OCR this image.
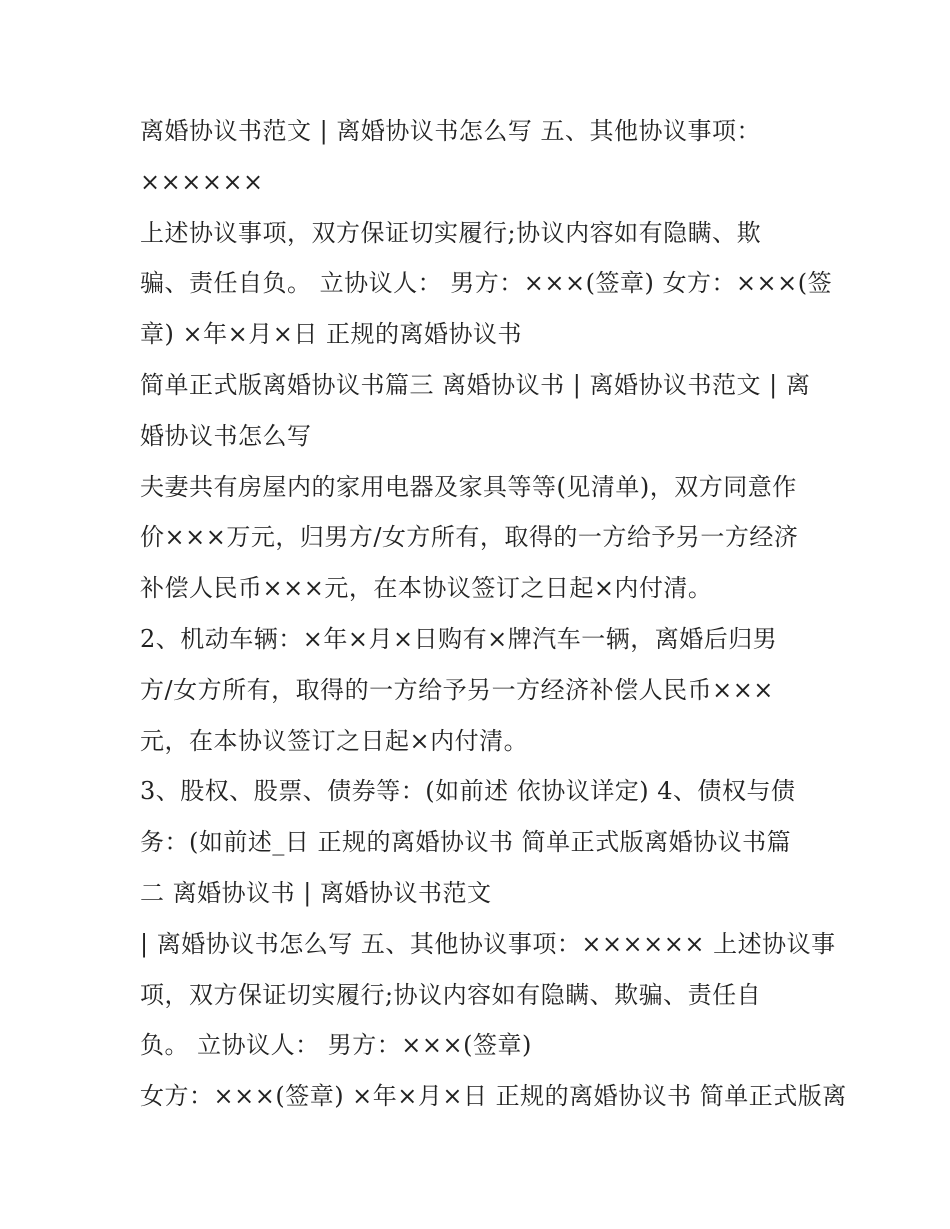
离婚协议书范文 | 离婚协议书怎么写 五、其他协议事项：
××××××
上述协议事项，双方保证切实履行;协议内容如有隐瞒、欺
骗、责任自负。 立协议人： 男方：×××(签章) 女方：×××(签
章) ×年×月×日 正规的离婚协议书
简单正式版离婚协议书篇三 离婚协议书 | 离婚协议书范文 | 离
婚协议书怎么写
夫妻共有房屋内的家用电器及家具等等(见清单)，双方同意作
价×××万元，归男方/女方所有，取得的一方给予另一方经济
补偿人民币×××元，在本协议签订之日起×内付清。
2、机动车辆：×年×月×日购有×牌汽车一辆，离婚后归男
方/女方所有，取得的一方给予另一方经济补偿人民币×××
元，在本协议签订之日起×内付清。
3、股权、股票、债券等：(如前述 依协议详定) 4、债权与债
务：(如前述_日 正规的离婚协议书 简单正式版离婚协议书篇
二 离婚协议书 | 离婚协议书范文
| 离婚协议书怎么写 五、其他协议事项：×××××× 上述协议事
项，双方保证切实履行;协议内容如有隐瞒、欺骗、责任自
负。 立协议人： 男方：×××(签章)
女方：×××(签章) ×年×月×日 正规的离婚协议书 简单正式版离
